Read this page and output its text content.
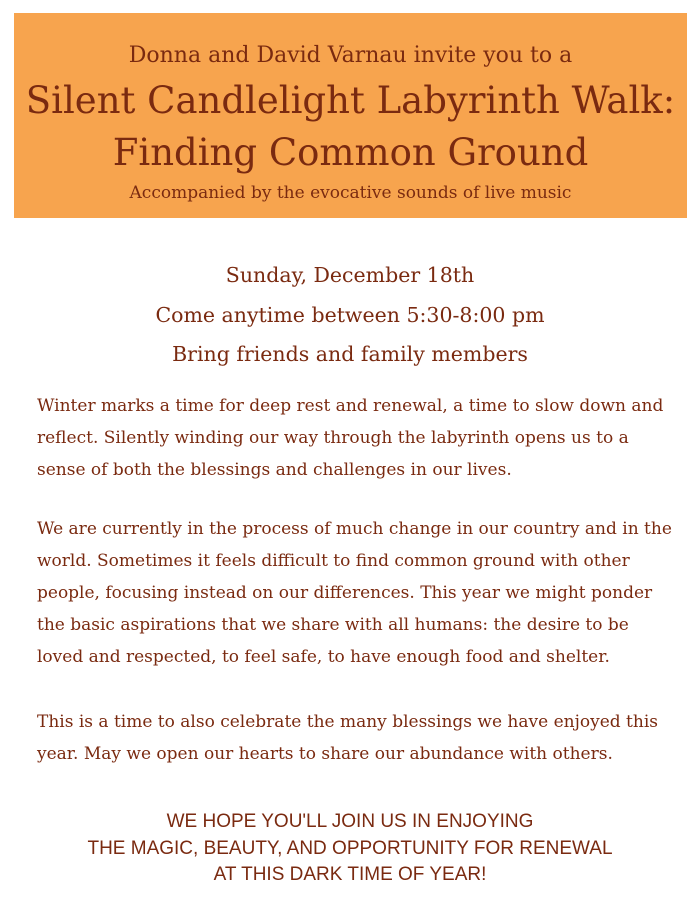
Donna and David Varnau invite you to a
Silent Candlelight Labyrinth Walk:
Finding Common Ground
Accompanied by the evocative sounds of live music
Sunday, December 18th
Come anytime between 5:30-8:00 pm
Bring friends and family members

Winter marks a time for deep rest and renewal, a time to slow down and reflect. Silently winding our way through the labyrinth opens us to a sense of both the blessings and challenges in our lives.

We are currently in the process of much change in our country and in the world. Sometimes it feels difficult to find common ground with other people, focusing instead on our differences. This year we might ponder the basic aspirations that we share with all humans: the desire to be loved and respected, to feel safe, to have enough food and shelter.

This is a time to also celebrate the many blessings we have enjoyed this year. May we open our hearts to share our abundance with others.

WE HOPE YOU'LL JOIN US IN ENJOYING
THE MAGIC, BEAUTY, AND OPPORTUNITY FOR RENEWAL
AT THIS DARK TIME OF YEAR!
